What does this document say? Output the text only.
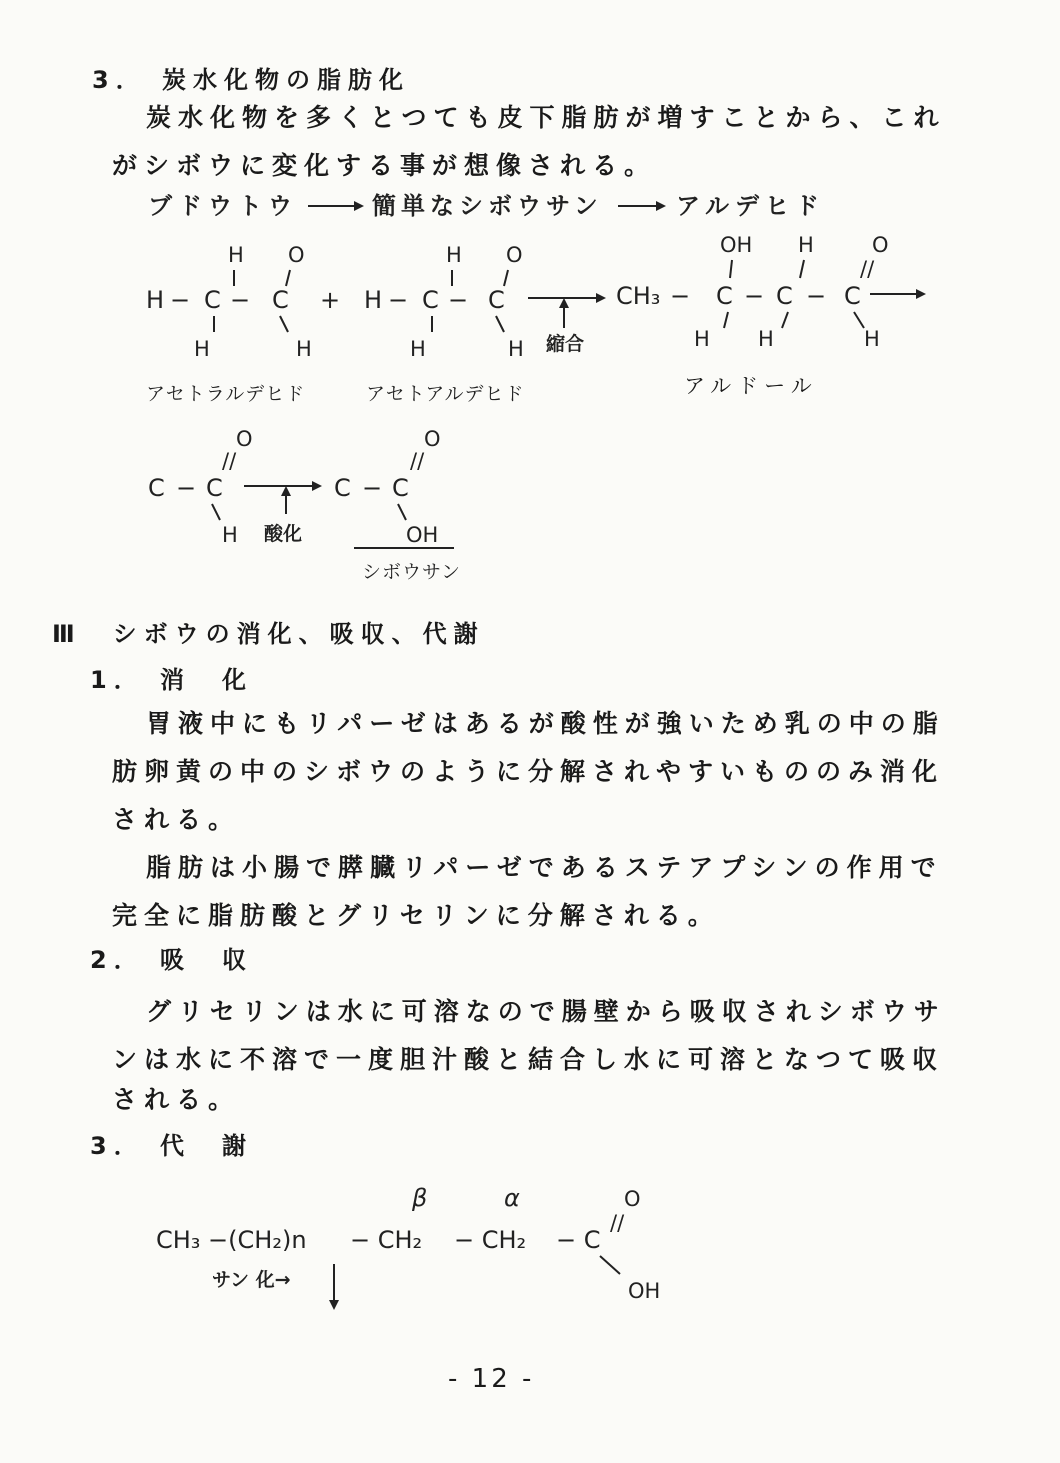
3． 炭水化物の脂肪化
炭水化物を多くとつても皮下脂肪が増すことから、これ
がシボウに変化する事が想像される。
ブドウトウ	簡単なシボウサン	アルデヒド
H O
H − C − C
H	H
+
H O
H − C − C
H	H 縮合
OH H	O
//
CH₃ − C − C − C
H H	H
アセトラルデヒド	アセトアルデヒド	アルドール
O
//
C − C
H 酸化
O
//
C − C
OH
シボウサン
Ⅲ　シボウの消化、吸収、代謝
1． 消　化
胃液中にもリパーゼはあるが酸性が強いため乳の中の脂
肪卵黄の中のシボウのように分解されやすいもののみ消化
される。
脂肪は小腸で膵臓リパーゼであるステアプシンの作用で
完全に脂肪酸とグリセリンに分解される。
2． 吸　収
グリセリンは水に可溶なので腸壁から吸収されシボウサ
ンは水に不溶で一度胆汁酸と結合し水に可溶となつて吸収
される。
3． 代　謝
β	α	O
//
CH₃ −(CH₂)n − CH₂ − CH₂ − C
OH
サン 化→
- 12 -
